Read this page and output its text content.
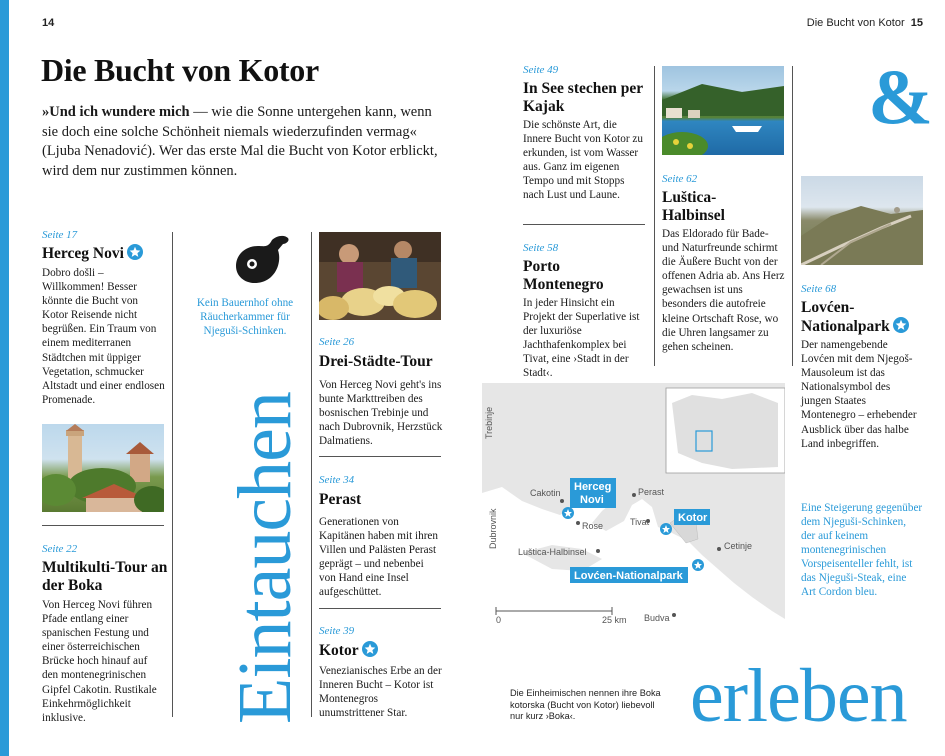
14	Die Bucht von Kotor 15
Die Bucht von Kotor
»Und ich wundere mich — wie die Sonne untergehen kann, wenn sie doch eine solche Schönheit niemals wiederzufinden vermag« (Ljuba Nenadović). Wer das erste Mal die Bucht von Kotor erblickt, wird dem nur zustimmen können.
Seite 17
Herceg Novi
Dobro došli – Willkommen! Besser könnte die Bucht von Kotor Reisende nicht begrüßen. Ein Traum von einem mediterranen Städtchen mit üppiger Vegetation, schmucker Altstadt und einer endlosen Promenade.
Seite 22
Multikulti-Tour an der Boka
Von Herceg Novi führen Pfade entlang einer spanischen Festung und einer österreichischen Brücke hoch hinauf auf den montenegrinischen Gipfel Cakotin. Rustikale Einkehrmöglichkeit inklusive.
Kein Bauernhof ohne Räucherkammer für Njeguši-Schinken.
Eintauchen
Seite 26
Drei-Städte-Tour
Von Herceg Novi geht's ins bunte Markttreiben des bosnischen Trebinje und nach Dubrovnik, Herzstück Dalmatiens.
Seite 34
Perast
Generationen von Kapitänen haben mit ihren Villen und Palästen Perast geprägt – und nebenbei von Hand eine Insel aufgeschüttet.
Seite 39
Kotor
Venezianisches Erbe an der Inneren Bucht – Kotor ist Montenegros unumstrittener Star.
Seite 49
In See stechen per Kajak
Die schönste Art, die Innere Bucht von Kotor zu erkunden, ist vom Wasser aus. Ganz im eigenen Tempo und mit Stopps nach Lust und Laune.
Seite 58
Porto Montenegro
In jeder Hinsicht ein Projekt der Superlative ist der luxuriöse Jachthafenkomplex bei Tivat, eine ›Stadt in der Stadt‹.
Seite 62
Luštica-Halbinsel
Das Eldorado für Bade- und Naturfreunde schirmt die Äußere Bucht von der offenen Adria ab. Ans Herz gewachsen ist uns besonders die autofreie kleine Ortschaft Rose, wo die Uhren langsamer zu gehen scheinen.
&
Seite 68
Lovćen-Nationalpark
Der namengebende Lovćen mit dem Njegoš-Mausoleum ist das Nationalsymbol des jungen Staates Montenegro – erhebender Ausblick über das halbe Land inbegriffen.
Eine Steigerung gegenüber dem Njeguši-Schinken, der auf keinem montenegrinischen Vorspeisenteller fehlt, ist das Njeguši-Steak, eine Art Cordon bleu.
0	25 km
Trebinje
Dubrovnik
Cakotin	Perast
Rose	Tivat
Luštica-Halbinsel
Cetinje
Budva
Herceg
Novi
Kotor
Lovćen-Nationalpark
Die Einheimischen nennen ihre Boka kotorska (Bucht von Kotor) liebevoll nur kurz ›Boka‹.	erleben
